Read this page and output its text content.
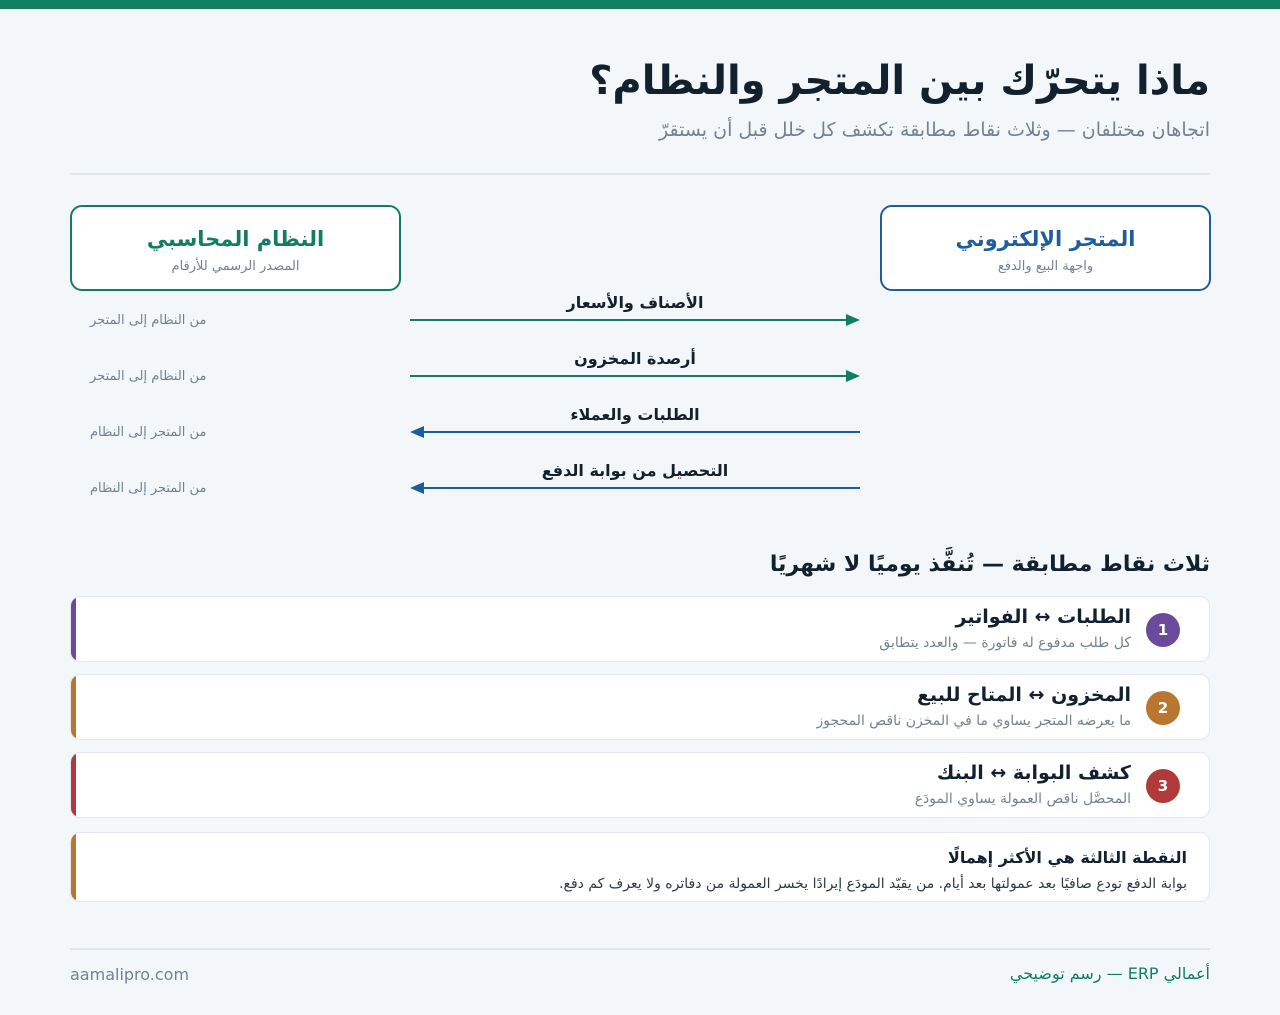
ماذا يتحرّك بين المتجر والنظام؟
اتجاهان مختلفان — وثلاث نقاط مطابقة تكشف كل خلل قبل أن يستقرّ
المتجر الإلكتروني
واجهة البيع والدفع
النظام المحاسبي
المصدر الرسمي للأرقام
الأصناف والأسعار
من النظام إلى المتجر
أرصدة المخزون
من النظام إلى المتجر
الطلبات والعملاء
من المتجر إلى النظام
التحصيل من بوابة الدفع
من المتجر إلى النظام
ثلاث نقاط مطابقة — تُنفَّذ يوميًا لا شهريًا
1
الطلبات ↔ الفواتير
كل طلب مدفوع له فاتورة — والعدد يتطابق
2
المخزون ↔ المتاح للبيع
ما يعرضه المتجر يساوي ما في المخزن ناقص المحجوز
3
كشف البوابة ↔ البنك
المحصَّل ناقص العمولة يساوي المودَع
النقطة الثالثة هي الأكثر إهمالًا
بوابة الدفع تودع صافيًا بعد عمولتها بعد أيام. من يقيّد المودَع إيرادًا يخسر العمولة من دفاتره ولا يعرف كم دفع.
aamalipro.com	أعمالي ERP — رسم توضيحي
